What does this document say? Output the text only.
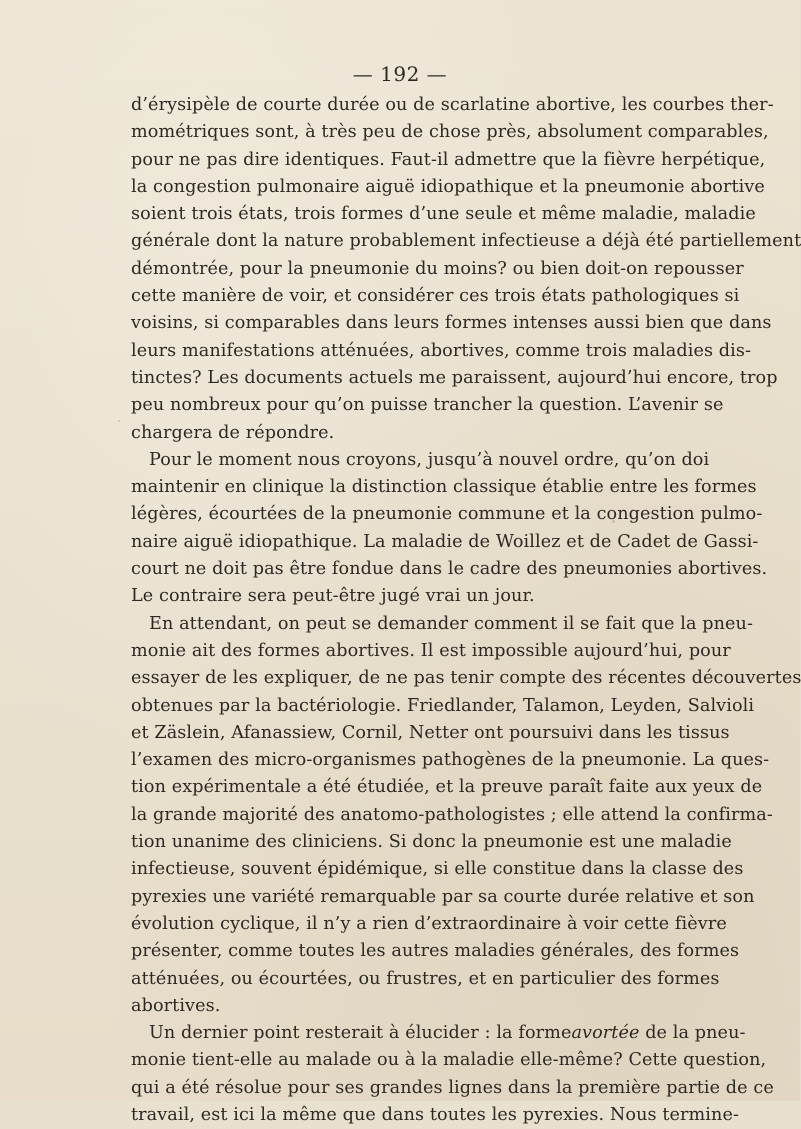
— 192 —
d’érysipèle de courte durée ou de scarlatine abortive, les courbes ther-
mométriques sont, à très peu de chose près, absolument comparables,
pour ne pas dire identiques. Faut-il admettre que la fièvre herpétique,
la congestion pulmonaire aiguë idiopathique et la pneumonie abortive
soient trois états, trois formes d’une seule et même maladie, maladie
générale dont la nature probablement infectieuse a déjà été partiellement
démontrée, pour la pneumonie du moins? ou bien doit-on repousser
cette manière de voir, et considérer ces trois états pathologiques si
voisins, si comparables dans leurs formes intenses aussi bien que dans
leurs manifestations atténuées, abortives, comme trois maladies dis-
tinctes? Les documents actuels me paraissent, aujourd’hui encore, trop
peu nombreux pour qu’on puisse trancher la question. L’avenir se
chargera de répondre.
Pour le moment nous croyons, jusqu’à nouvel ordre, qu’on doi
maintenir en clinique la distinction classique établie entre les formes
légères, écourtées de la pneumonie commune et la congestion pulmo-
naire aiguë idiopathique. La maladie de Woillez et de Cadet de Gassi-
court ne doit pas être fondue dans le cadre des pneumonies abortives.
Le contraire sera peut-être jugé vrai un jour.
En attendant, on peut se demander comment il se fait que la pneu-
monie ait des formes abortives. Il est impossible aujourd’hui, pour
essayer de les expliquer, de ne pas tenir compte des récentes découvertes
obtenues par la bactériologie. Friedlander, Talamon, Leyden, Salvioli
et Zäslein, Afanassiew, Cornil, Netter ont poursuivi dans les tissus
l’examen des micro-organismes pathogènes de la pneumonie. La ques-
tion expérimentale a été étudiée, et la preuve paraît faite aux yeux de
la grande majorité des anatomo-pathologistes ; elle attend la confirma-
tion unanime des cliniciens. Si donc la pneumonie est une maladie
infectieuse, souvent épidémique, si elle constitue dans la classe des
pyrexies une variété remarquable par sa courte durée relative et son
évolution cyclique, il n’y a rien d’extraordinaire à voir cette fièvre
présenter, comme toutes les autres maladies générales, des formes
atténuées, ou écourtées, ou frustres, et en particulier des formes
abortives.
Un dernier point resterait à élucider : la formeavortée de la pneu-
monie tient-elle au malade ou à la maladie elle-même? Cette question,
qui a été résolue pour ses grandes lignes dans la première partie de ce
travail, est ici la même que dans toutes les pyrexies. Nous termine-
